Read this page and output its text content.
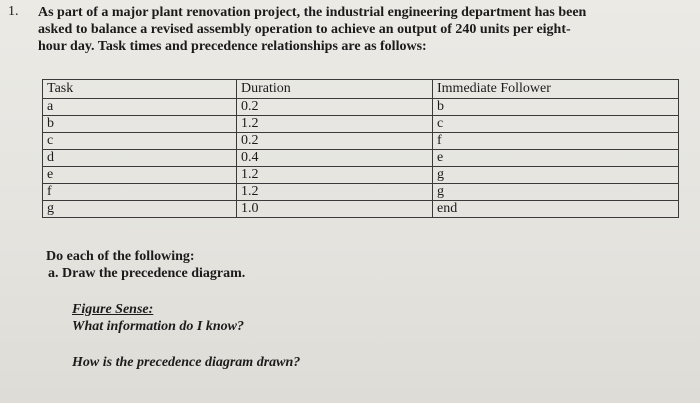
1. As part of a major plant renovation project, the industrial engineering department has been
asked to balance a revised assembly operation to achieve an output of 240 units per eight-
hour day. Task times and precedence relationships are as follows:
Task	Duration	Immediate Follower
a	0.2	b
b	1.2	c
c	0.2	f
d	0.4	e
e	1.2	g
f	1.2	g
g	1.0	end
Do each of the following:
a. Draw the precedence diagram.
Figure Sense:
What information do I know?
How is the precedence diagram drawn?
